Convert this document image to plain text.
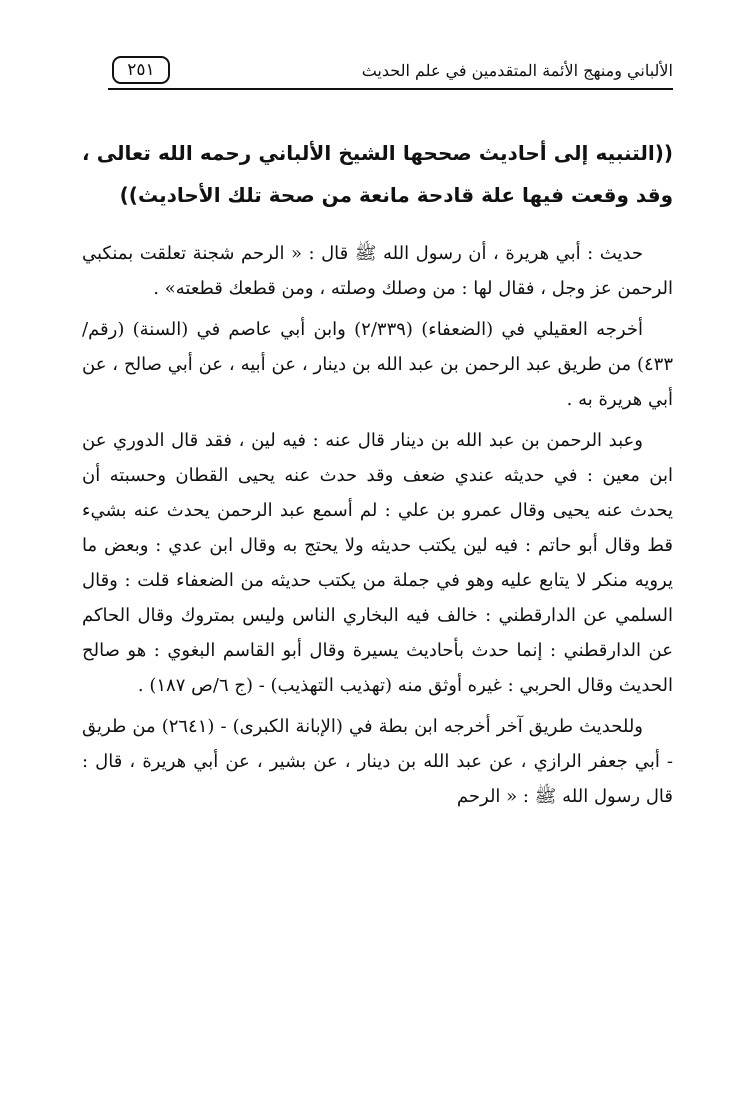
٢٥١	الألباني ومنهج الأئمة المتقدمين في علم الحديث
((التنبيه إلى أحاديث صححها الشيخ الألباني رحمه الله تعالى ، وقد وقعت فيها علة قادحة مانعة من صحة تلك الأحاديث))

حديث : أبي هريرة ، أن رسول الله ﷺ قال : « الرحم شجنة تعلقت بمنكبي الرحمن عز وجل ، فقال لها : من وصلك وصلته ، ومن قطعك قطعته» .

أخرجه العقيلي في (الضعفاء) (٢/٣٣٩) وابن أبي عاصم في (السنة) (رقم/ ٤٣٣) من طريق عبد الرحمن بن عبد الله بن دينار ، عن أبيه ، عن أبي صالح ، عن أبي هريرة به .

وعبد الرحمن بن عبد الله بن دينار قال عنه : فيه لين ، فقد قال الدوري عن ابن معين : في حديثه عندي ضعف وقد حدث عنه يحيى القطان وحسبته أن يحدث عنه يحيى وقال عمرو بن علي : لم أسمع عبد الرحمن يحدث عنه بشيء قط وقال أبو حاتم : فيه لين يكتب حديثه ولا يحتج به وقال ابن عدي : وبعض ما يرويه منكر لا يتابع عليه وهو في جملة من يكتب حديثه من الضعفاء قلت : وقال السلمي عن الدارقطني : خالف فيه البخاري الناس وليس بمتروك وقال الحاكم عن الدارقطني : إنما حدث بأحاديث يسيرة وقال أبو القاسم البغوي : هو صالح الحديث وقال الحربي : غيره أوثق منه (تهذيب التهذيب) - (ج ٦/ص ١٨٧) .

وللحديث طريق آخر أخرجه ابن بطة في (الإبانة الكبرى) - (٢٦٤١) من طريق - أبي جعفر الرازي ، عن عبد الله بن دينار ، عن بشير ، عن أبي هريرة ، قال : قال رسول الله ﷺ : « الرحم
